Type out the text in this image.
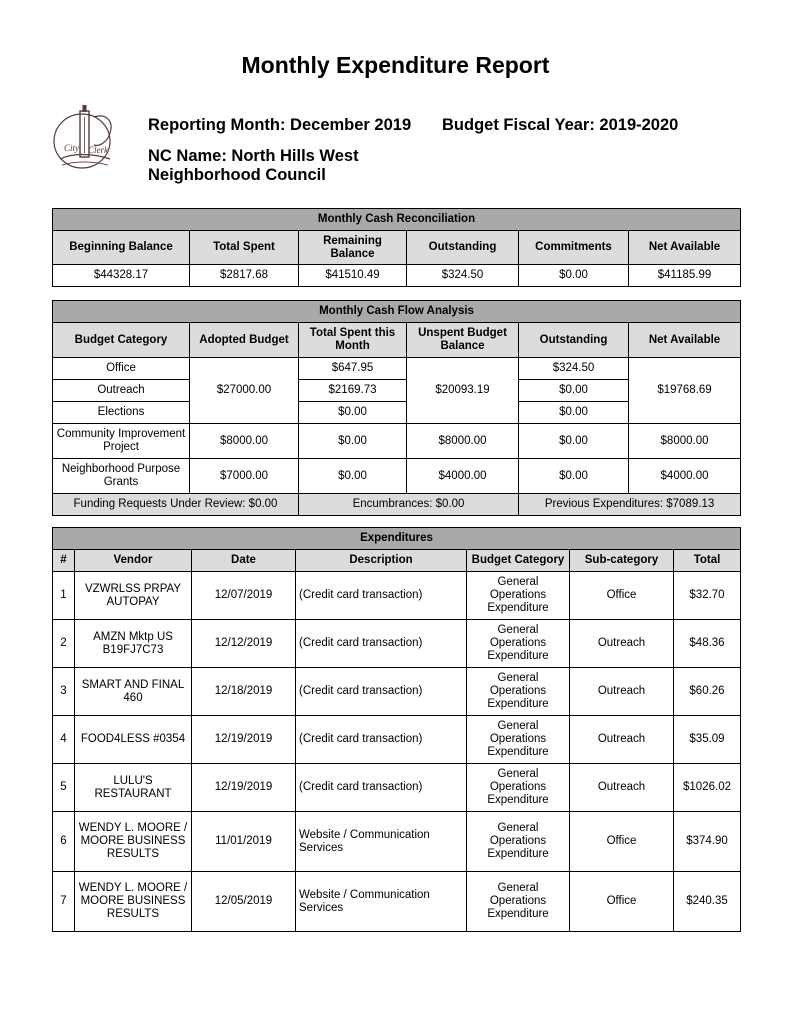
Monthly Expenditure Report
City Clerk
Reporting Month: December 2019 Budget Fiscal Year: 2019-2020
NC Name: North Hills West
Neighborhood Council
Monthly Cash Reconciliation					
Beginning Balance	Total Spent	Remaining Balance	Outstanding	Commitments	Net Available
$44328.17	$2817.68	$41510.49	$324.50	$0.00	$41185.99
Monthly Cash Flow Analysis					
Budget Category	Adopted Budget	Total Spent this Month	Unspent Budget Balance	Outstanding	Net Available
Office	$27000.00	$647.95	$20093.19	$324.50	$19768.69
Outreach		$2169.73		$0.00	
Elections		$0.00		$0.00	
Community Improvement Project	$8000.00	$0.00	$8000.00	$0.00	$8000.00
Neighborhood Purpose Grants	$7000.00	$0.00	$4000.00	$0.00	$4000.00
Funding Requests Under Review: $0.00		Encumbrances: $0.00		Previous Expenditures: $7089.13	
Expenditures						
#	Vendor	Date	Description	Budget Category	Sub-category	Total
1	VZWRLSS PRPAY AUTOPAY	12/07/2019	(Credit card transaction)	General Operations Expenditure	Office	$32.70
2	AMZN Mktp US B19FJ7C73	12/12/2019	(Credit card transaction)	General Operations Expenditure	Outreach	$48.36
3	SMART AND FINAL 460	12/18/2019	(Credit card transaction)	General Operations Expenditure	Outreach	$60.26
4	FOOD4LESS #0354	12/19/2019	(Credit card transaction)	General Operations Expenditure	Outreach	$35.09
5	LULU'S RESTAURANT	12/19/2019	(Credit card transaction)	General Operations Expenditure	Outreach	$1026.02
6	WENDY L. MOORE / MOORE BUSINESS RESULTS	11/01/2019	Website / Communication Services	General Operations Expenditure	Office	$374.90
7	WENDY L. MOORE / MOORE BUSINESS RESULTS	12/05/2019	Website / Communication Services	General Operations Expenditure	Office	$240.35
